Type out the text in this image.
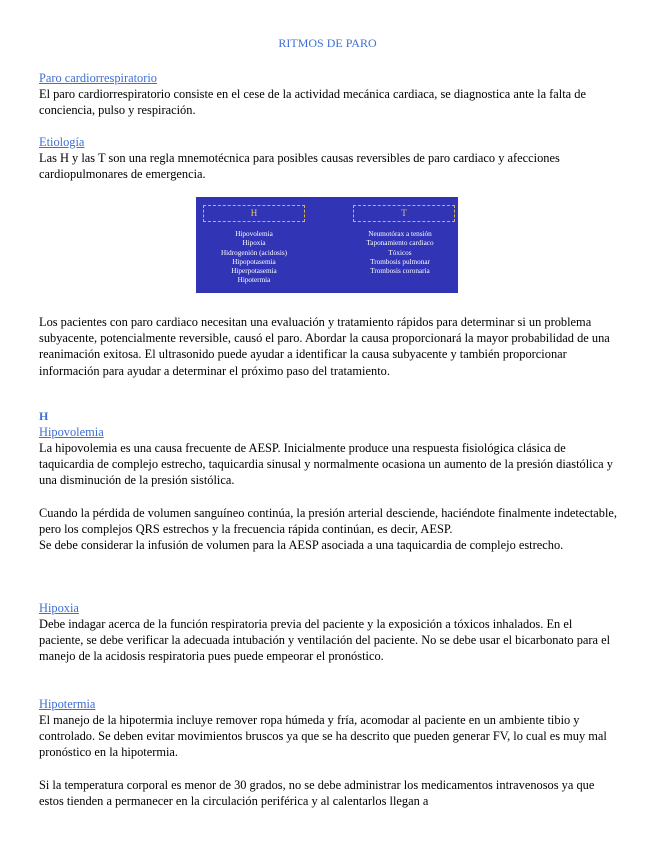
RITMOS DE PARO
Paro cardiorrespiratorio

El paro cardiorrespiratorio consiste en el cese de la actividad mecánica cardiaca, se diagnostica ante la falta de conciencia, pulso y respiración.

Etiología

Las H y las T son una regla mnemotécnica para posibles causas reversibles de paro cardiaco y afecciones cardiopulmonares de emergencia.

H	T
Hipovolemia
Hipoxia
Hidrogenión (acidosis)
Hipopotasemia
Hiperpotasemia
Hipotermia
Neumotórax a tensión
Taponamiento cardiaco
Tóxicos
Trombosis pulmonar
Trombosis coronaria

Los pacientes con paro cardiaco necesitan una evaluación y tratamiento rápidos para determinar si un problema subyacente, potencialmente reversible, causó el paro. Abordar la causa proporcionará la mayor probabilidad de una reanimación exitosa. El ultrasonido puede ayudar a identificar la causa subyacente y también proporcionar información para ayudar a determinar el próximo paso del tratamiento.

H
Hipovolemia

La hipovolemia es una causa frecuente de AESP. Inicialmente produce una respuesta fisiológica clásica de taquicardia de complejo estrecho, taquicardia sinusal y normalmente ocasiona un aumento de la presión diastólica y una disminución de la presión sistólica.

Cuando la pérdida de volumen sanguíneo continúa, la presión arterial desciende, haciéndote finalmente indetectable, pero los complejos QRS estrechos y la frecuencia rápida continúan, es decir, AESP.

Se debe considerar la infusión de volumen para la AESP asociada a una taquicardia de complejo estrecho.

Hipoxia

Debe indagar acerca de la función respiratoria previa del paciente y la exposición a tóxicos inhalados. En el paciente, se debe verificar la adecuada intubación y ventilación del paciente. No se debe usar el bicarbonato para el manejo de la acidosis respiratoria pues puede empeorar el pronóstico.

Hipotermia

El manejo de la hipotermia incluye remover ropa húmeda y fría, acomodar al paciente en un ambiente tibio y controlado. Se deben evitar movimientos bruscos ya que se ha descrito que pueden generar FV, lo cual es muy mal pronóstico en la hipotermia.

Si la temperatura corporal es menor de 30 grados, no se debe administrar los medicamentos intravenosos ya que estos tienden a permanecer en la circulación periférica y al calentarlos llegan a
